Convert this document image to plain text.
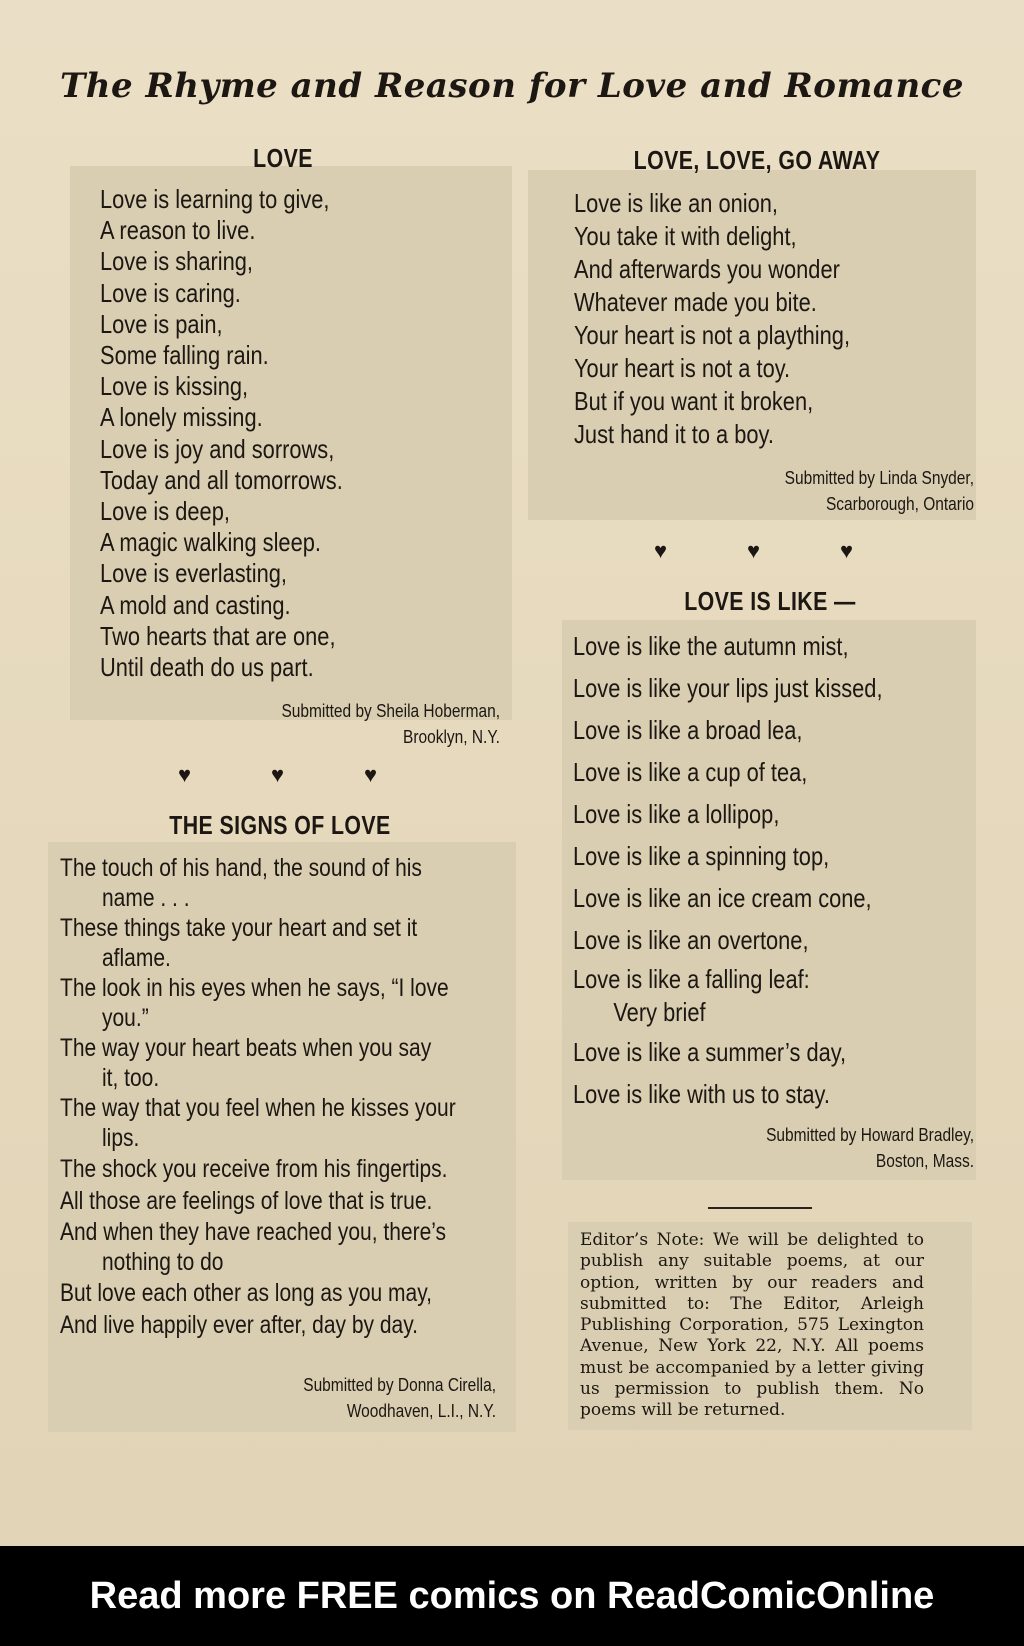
The Rhyme and Reason for Love and Romance
LOVE
Love is learning to give,
A reason to live.
Love is sharing,
Love is caring.
Love is pain,
Some falling rain.
Love is kissing,
A lonely missing.
Love is joy and sorrows,
Today and all tomorrows.
Love is deep,
A magic walking sleep.
Love is everlasting,
A mold and casting.
Two hearts that are one,
Until death do us part.
Submitted by Sheila Hoberman,
Brooklyn, N.Y.
♥	♥	♥
THE SIGNS OF LOVE
The touch of his hand, the sound of his
name . . .
These things take your heart and set it
aflame.
The look in his eyes when he says, “I love
you.”
The way your heart beats when you say
it, too.
The way that you feel when he kisses your
lips.
The shock you receive from his fingertips.
All those are feelings of love that is true.
And when they have reached you, there’s
nothing to do
But love each other as long as you may,
And live happily ever after, day by day.
Submitted by Donna Cirella,
Woodhaven, L.I., N.Y.
LOVE, LOVE, GO AWAY
Love is like an onion,
You take it with delight,
And afterwards you wonder
Whatever made you bite.
Your heart is not a plaything,
Your heart is not a toy.
But if you want it broken,
Just hand it to a boy.
Submitted by Linda Snyder,
Scarborough, Ontario
♥	♥	♥
LOVE IS LIKE —
Love is like the autumn mist,
Love is like your lips just kissed,
Love is like a broad lea,
Love is like a cup of tea,
Love is like a lollipop,
Love is like a spinning top,
Love is like an ice cream cone,
Love is like an overtone,
Love is like a falling leaf:
Very brief
Love is like a summer’s day,
Love is like with us to stay.
Submitted by Howard Bradley,
Boston, Mass.
Editor’s Note: We will be delighted to publish any suitable poems, at our option, written by our readers and submitted to: The Editor, Arleigh Publishing Corporation, 575 Lexington Avenue, New York 22, N.Y. All poems must be accompanied by a letter giving us permission to publish them. No poems will be returned.
Read more FREE comics on ReadComicOnline
